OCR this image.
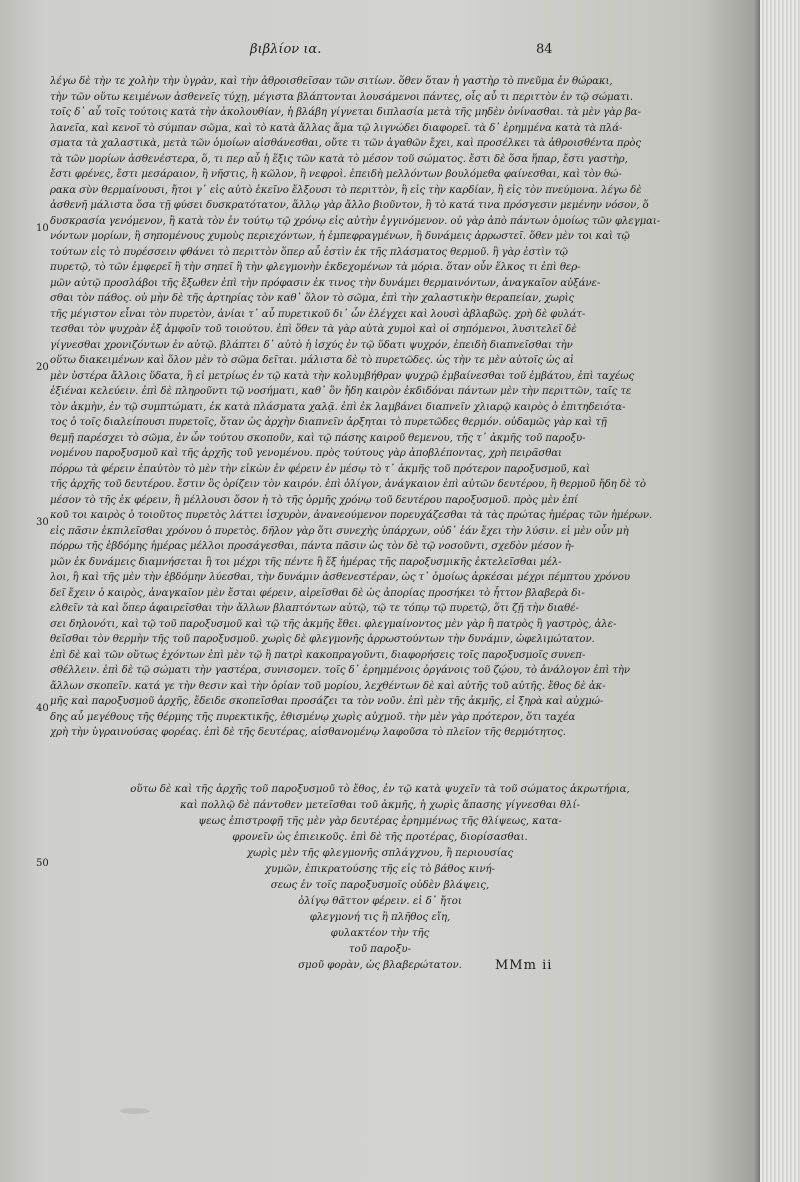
βιβλίον ια.	84
λέγω δὲ τὴν τε χολὴν τὴν ὑγρὰν, καὶ τὴν ἀθροισθεῖσαν τῶν σιτίων. ὅθεν ὅταν ἡ γαστὴρ τὸ πνεῦμα ἐν θώρακι,
τὴν τῶν οὕτω κειμένων ἀσθενεῖς τύχῃ, μέγιστα βλάπτονται λουσάμενοι πάντες, οἷς αὖ τι περιττὸν ἐν τῷ σώματι.
τοῖς δ᾽ αὖ τοῖς τούτοις κατὰ τὴν ἀκολουθίαν, ἡ βλάβη γίγνεται διπλασία μετὰ τῆς μηδὲν ὀνίνασθαι. τὰ μὲν γὰρ βα-
λανεῖα, καὶ κενοῖ τὸ σύμπαν σῶμα, καὶ τὸ κατὰ ἄλλας ἅμα τῷ λιγνώδει διαφορεῖ. τὰ δ᾽ ἐρημμένα κατὰ τὰ πλά-
σματα τὰ χαλαστικὰ, μετὰ τῶν ὁμοίων αἰσθάνεσθαι, οὔτε τι τῶν ἀγαθῶν ἔχει, καὶ προσέλκει τὰ ἀθροισθέντα πρὸς
τὰ τῶν μορίων ἀσθενέστερα, ὅ, τι περ αὖ ἡ ἕξις τῶν κατὰ τὸ μέσον τοῦ σώματος. ἔστι δὲ ὅσα ἥπαρ, ἔστι γαστὴρ,
ἔστι φρένες, ἔστι μεσάραιον, ἢ νῆστις, ἢ κῶλον, ἢ νεφροὶ. ἐπειδὴ μελλόντων βουλόμεθα φαίνεσθαι, καὶ τὸν θώ-
ρακα σὺν θερμαίνουσι, ἤτοι γ᾽ εἰς αὐτὸ ἐκεῖνο ἔλξουσι τὸ περιττὸν, ἢ εἰς τὴν καρδίαν, ἢ εἰς τὸν πνεύμονα. λέγω δὲ
ἀσθενῆ μάλιστα ὅσα τῇ φύσει δυσκρατότατον, ἅλλῳ γὰρ ἄλλο βιοῦντον, ἢ τὸ κατά τινα πρόσγεσιν μεμένην νόσον, ὅ
δυσκρασία γενόμενον, ἢ κατὰ τὸν ἐν τούτῳ τῷ χρόνῳ εἰς αὐτὴν ἐγγινόμενον. οὐ γὰρ ἀπὸ πάντων ὁμοίως τῶν φλεγμαι-
νόντων μορίων, ἢ σηπομένους χυμοὺς περιεχόντων, ἡ ἐμπεφραγμένων, ἢ δυνάμεις ἀρρωστεῖ. ὅθεν μὲν τοι καὶ τῷ
τούτων εἰς τὸ πυρέσσειν φθάνει τὸ περιττὸν ὅπερ αὖ ἐστὶν ἐκ τῆς πλάσματος θερμοῦ. ἢ γὰρ ἐστὶν τῷ
πυρετῷ, τὸ τῶν ἐμφερεῖ ἢ τὴν σηπεῖ ἢ τὴν φλεγμονὴν ἐκδεχομένων τὰ μόρια. ὅταν οὖν ἕλκος τι ἐπὶ θερ-
μῶν αὐτῷ προσλάβοι τῆς ἔξωθεν ἐπὶ τὴν πρόφασιν ἐκ τινος τὴν δυνάμει θερμαινόντων, ἀναγκαῖον αὐξάνε-
σθαι τὸν πάθος. οὐ μὴν δὲ τῆς ἀρτηρίας τὸν καθ᾽ ὅλον τὸ σῶμα, ἐπὶ τὴν χαλαστικὴν θεραπείαν, χωρὶς
τῆς μέγιστον εἶναι τὸν πυρετὸν, ἀνίαι τ᾽ αὖ πυρετικοῦ δι᾽ ὧν ἐλέγχει καὶ λουσὶ ἀβλαβῶς. χρὴ δὲ φυλάτ-
τεσθαι τὸν ψυχρὰν ἐξ ἀμφοῖν τοῦ τοιούτου. ἐπὶ ὅθεν τὰ γὰρ αὐτὰ χυμοὶ καὶ οἱ σηπόμενοι, λυσιτελεῖ δὲ
γίγνεσθαι χρονιζόντων ἐν αὐτῷ. βλάπτει δ᾽ αὐτὸ ἡ ἰσχύς ἐν τῷ ὕδατι ψυχρόν, ἐπειδὴ διαπνεῖσθαι τὴν
οὕτω διακειμένων καὶ ὅλον μὲν τὸ σῶμα δεῖται. μάλιστα δὲ τὸ πυρετῶδες. ὡς τὴν τε μὲν αὐτοῖς ὡς αἱ
μὲν ὑστέρα ἄλλοις ὕδατα, ἢ εἰ μετρίως ἐν τῷ κατὰ τὴν κολυμβήθραν ψυχρῷ ἐμβαίνεσθαι τοῦ ἐμβάτου, ἐπὶ ταχέως
ἐξιέναι κελεύειν. ἐπὶ δὲ πληροῦντι τῷ νοσήματι, καθ᾽ ὃν ἤδη καιρὸν ἐκδιδόναι πάντων μὲν τὴν περιττῶν, ταῖς τε
τὸν ἀκμὴν, ἐν τῷ συμπτώματι, ἐκ κατὰ πλάσματα χαλᾷ. ἐπὶ ἐκ λαμβάνει διαπνεῖν χλιαρῷ καιρὸς ὁ ἐπιτηδειότα-
τος ὁ τοῖς διαλείπουσι πυρετοῖς, ὅταν ὡς ἀρχὴν διαπνεῖν ἀρξηται τὸ πυρετῶδες θερμόν. οὐδαμῶς γὰρ καὶ τῇ
θεμῇ παρέσχει τὸ σῶμα, ἐν ὧν τούτου σκοποῦν, καὶ τῷ πάσης καιροῦ θεμενου, τῆς τ᾽ ἀκμῆς τοῦ παροξυ-
νομένου παροξυσμοῦ καὶ τῆς ἀρχῆς τοῦ γενομένου. πρὸς τούτους γὰρ ἀποβλέποντας, χρὴ πειρᾶσθαι
πόρρω τὰ φέρειν ἐπαὐτὸν τὸ μὲν τὴν εἰκὼν ἐν φέρειν ἐν μέσῳ τὸ τ᾽ ἀκμῆς τοῦ πρότερον παροξυσμοῦ, καὶ
τῆς ἀρχῆς τοῦ δευτέρου. ἔστιν ὃς ὁρίζειν τὸν καιρόν. ἐπὶ ὁλίγον, ἀνάγκαιον ἐπὶ αὐτῶν δευτέρου, ἢ θερμοῦ ἤδη δὲ τὸ
μέσον τὸ τῆς ἐκ φέρειν, ἢ μέλλουσι ὅσον ἡ τὸ τῆς ὁρμῆς χρόνῳ τοῦ δευτέρου παροξυσμοῦ. πρὸς μὲν ἐπί
κοῦ τοι καιρὸς ὁ τοιοῦτος πυρετὸς λάττει ἰσχυρὸν, ἀνανεούμενον πορευχάζεσθαι τὰ τὰς πρώτας ἡμέρας τῶν ἡμέρων.
εἰς πᾶσιν ἐκπιλεῖσθαι χρόνου ὁ πυρετὸς. δῆλον γὰρ ὅτι συνεχὴς ὑπάρχων, οὐδ᾽ ἐάν ἔχει τὴν λύσιν. εἰ μὲν οὖν μὴ
πόρρω τῆς ἑβδόμης ἡμέρας μέλλοι προσάγεσθαι, πάντα πᾶσιν ὡς τὸν δὲ τῷ νοσοῦντι, σχεδὸν μέσον ἡ-
μῶν ἐκ δυνάμεις διαμνήσεται ἢ τοι μέχρι τῆς πέντε ἢ ἕξ ἡμέρας τῆς παροξυσμικῆς ἐκτελεῖσθαι μέλ-
λοι, ἢ καὶ τῆς μὲν τὴν ἑβδόμην λύεσθαι, τὴν δυνάμιν ἀσθενεστέραν, ὡς τ᾽ ὁμοίως ἀρκέσαι μέχρι πέμπτου χρόνου
δεῖ ἔχειν ὁ καιρὸς, ἀναγκαῖον μὲν ἔσται φέρειν, αἰρεῖσθαι δὲ ὡς ἀπορίας προσήκει τὸ ἧττον βλαβερὰ δι-
ελθεῖν τὰ καὶ ὅπερ ἀφαιρεῖσθαι τὴν ἄλλων βλαπτόντων αὐτῷ, τῷ τε τόπῳ τῷ πυρετῷ, ὅτι ζῇ τὴν διαθέ-
σει δηλονότι, καὶ τῷ τοῦ παροξυσμοῦ καὶ τῷ τῆς ἀκμῆς ἔθει. φλεγμαίνοντος μὲν γὰρ ἢ πατρὸς ἢ γαστρὸς, ἀλε-
θεῖσθαι τὸν θερμὴν τῆς τοῦ παροξυσμοῦ. χωρὶς δὲ φλεγμονῆς ἀρρωστούντων τὴν δυνάμιν, ὠφελιμώτατον.
ἐπὶ δὲ καὶ τῶν οὕτως ἐχόντων ἐπὶ μὲν τῷ ἢ πατρὶ κακοπραγοῦντι, διαφορήσεις τοῖς παροξυσμοῖς συνεπ-
σθέλλειν. ἐπὶ δὲ τῷ σώματι τὴν γαστέρα, συνισομεν. τοῖς δ᾽ ἐρημμένοις ὀργάνοις τοῦ ζῴου, τὸ ἀνάλογον ἐπὶ τὴν
ἄλλων σκοπεῖν. κατά γε τὴν θεσιν καὶ τὴν ὁρίαν τοῦ μορίου, λεχθέντων δὲ καὶ αὐτῆς τοῦ αὐτῆς. ἔθος δὲ ἀκ-
μῆς καὶ παροξυσμοῦ ἀρχῆς, ἔδειδε σκοπεῖσθαι προσάζει τα τὸν νοῦν. ἐπὶ μὲν τῆς ἀκμῆς, εἰ ξηρὰ καὶ αὐχμώ-
δης αὖ μεγέθους τῆς θέρμης τῆς πυρεκτικῆς, ἐθισμένῳ χωρὶς αὐχμοῦ. τὴν μὲν γὰρ πρότερον, ὅτι ταχέα
χρὴ τὴν ὑγραινούσας φορέας. ἐπὶ δὲ τῆς δευτέρας, αἰσθανομένῳ λαφοῦσα τὸ πλεῖον τῆς θερμότητος.
οὕτω δὲ καὶ τῆς ἀρχῆς τοῦ παροξυσμοῦ τὸ ἔθος, ἐν τῷ κατὰ ψυχεῖν τὰ τοῦ σώματος ἀκρωτήρια,
καὶ πολλῷ δὲ πάντοθεν μετεῖσθαι τοῦ ἀκμῆς, ἡ χωρὶς ἅπασης γίγνεσθαι θλί-
ψεως ἐπιστροφῇ τῆς μὲν γὰρ δευτέρας ἐρημμένως τῆς θλίψεως, κατα-
φρονεῖν ὡς ἐπιεικοῦς. ἐπὶ δὲ τῆς προτέρας, διορίσασθαι.
χωρὶς μὲν τῆς φλεγμονῆς σπλάγχνου, ἢ περιουσίας
χυμῶν, ἐπικρατούσης τῆς εἰς τὸ βάθος κινή-
σεως ἐν τοῖς παροξυσμοῖς οὐδὲν βλάψεις,
ὀλίγῳ θᾶττον φέρειν. εἰ δ᾽ ἤτοι
φλεγμονή τις ἢ πλῆθος εἴη,
φυλακτέον τὴν τῆς
τοῦ παροξυ-
σμοῦ φορὰν, ὡς βλαβερώτατον.
10
20
30
40
50
MMm ii
